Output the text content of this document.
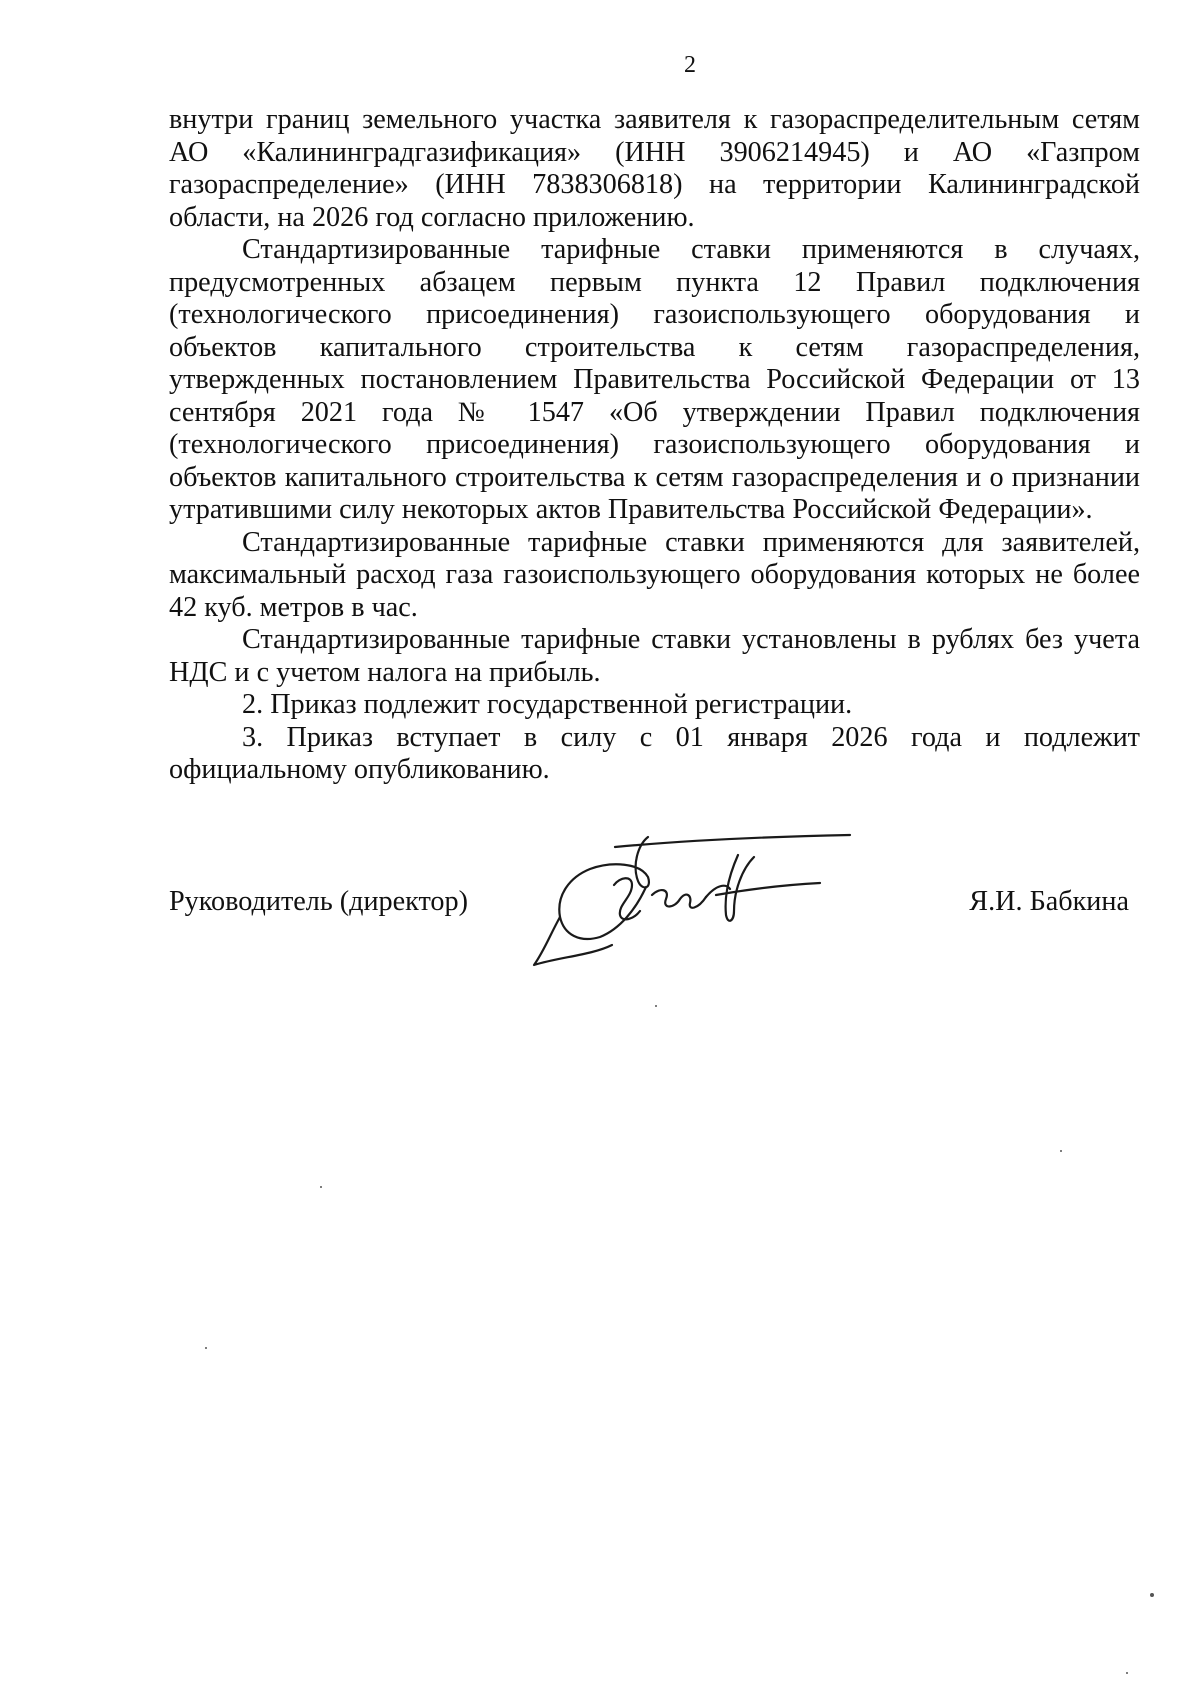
2

внутри границ земельного участка заявителя к газораспределительным сетям АО «Калининградгазификация» (ИНН 3906214945) и АО «Газпром газораспределение» (ИНН 7838306818) на территории Калининградской области, на 2026 год согласно приложению.

Стандартизированные тарифные ставки применяются в случаях, предусмотренных абзацем первым пункта 12 Правил подключения (технологического присоединения) газоиспользующего оборудования и объектов капитального строительства к сетям газораспределения, утвержденных постановлением Правительства Российской Федерации от 13 сентября 2021 года № 1547 «Об утверждении Правил подключения (технологического присоединения) газоиспользующего оборудования и объектов капитального строительства к сетям газораспределения и о признании утратившими силу некоторых актов Правительства Российской Федерации».

Стандартизированные тарифные ставки применяются для заявителей, максимальный расход газа газоиспользующего оборудования которых не более 42 куб. метров в час.

Стандартизированные тарифные ставки установлены в рублях без учета НДС и с учетом налога на прибыль.

2. Приказ подлежит государственной регистрации.

3. Приказ вступает в силу с 01 января 2026 года и подлежит официальному опубликованию.

Руководитель (директор)	Я.И. Бабкина
